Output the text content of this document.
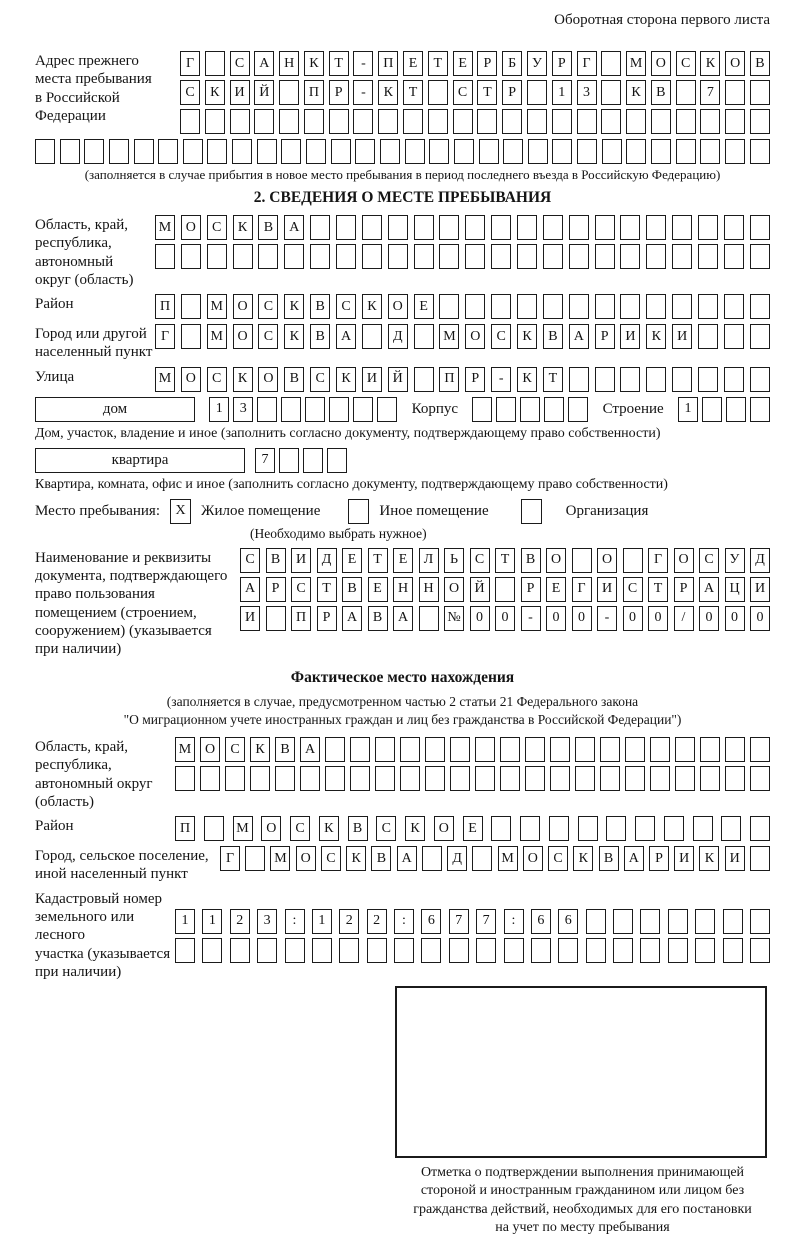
Оборотная сторона первого листа
Адрес прежнего
места пребывания
в Российской
Федерации
Г	С	А	Н	К	Т	-	П	Е	Т	Е	Р	Б	У	Р	Г	М О	С	К	О	В
С	К	И	Й	П	Р	-	К	Т	С	Т	Р	1	3	К	В	7
(заполняется в случае прибытия в новое место пребывания в период последнего въезда в Российскую Федерацию)
2. СВЕДЕНИЯ О МЕСТЕ ПРЕБЫВАНИЯ
Область, край,
республика,
автономный
округ (область)
М	О	С	К	В	А
Район	П	М	О	С	К	В	С	К	О	Е
Город или другой
населенный пункт
Г	М	О	С	К	В	А	Д	М	О	С	К	В	А	Р	И	К	И
Улица	М	О	С	К	О	В	С	К	И	Й	П	Р	-	К	Т
дом	1	3	Корпус	Строение	1
Дом, участок, владение и иное (заполнить согласно документу, подтверждающему право собственности)
квартира	7
Квартира, комната, офис и иное (заполнить согласно документу, подтверждающему право собственности)
Место пребывания:	X	Жилое помещение	Иное помещение	Организация
(Необходимо выбрать нужное)
Наименование и реквизиты
документа, подтверждающего
право пользования
помещением (строением,
сооружением) (указывается
при наличии)
С	В	И	Д	Е	Т	Е	Л	Ь	С	Т	В	О	О	Г	О	С	У	Д
А	Р	С	Т	В	Е	Н	Н	О	Й	Р	Е	Г	И	С	Т	Р	А	Ц	И
И	П	Р	А	В	А	№	0	0	-	0	0	-	0	0	/	0	0	0
Фактическое место нахождения
(заполняется в случае, предусмотренном частью 2 статьи 21 Федерального закона
"О миграционном учете иностранных граждан и лиц без гражданства в Российской Федерации")
Область, край,
республика,
автономный округ
(область)
М О	С	К	В	А
Район	П	М	О	С	К	В	С	К	О	Е
Город, сельское поселение,
иной населенный пункт
Г	М О	С	К	В	А	Д	М О	С	К	В	А	Р	И	К	И
Кадастровый номер
земельного или лесного
участка (указывается
при наличии)
1	1	2	3	:	1	2	2	:	6	7	7	:	6	6
Отметка о подтверждении выполнения принимающей
стороной и иностранным гражданином или лицом без
гражданства действий, необходимых для его постановки
на учет по месту пребывания
